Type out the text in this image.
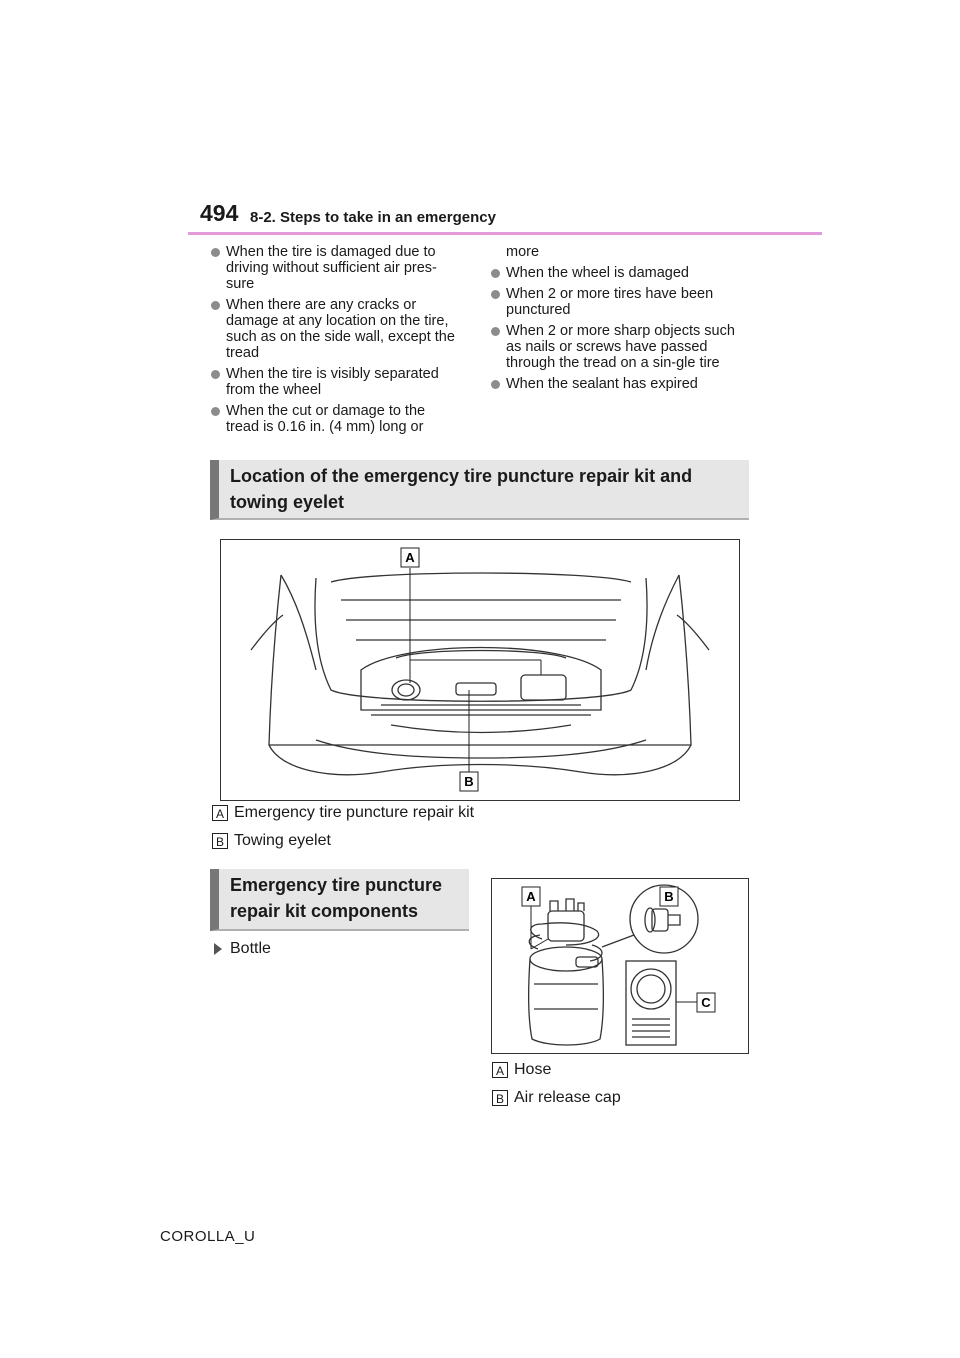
494 8-2. Steps to take in an emergency
When the tire is damaged due to driving without sufficient air pres-sure
When there are any cracks or damage at any location on the tire, such as on the side wall, except the tread
When the tire is visibly separated from the wheel
When the cut or damage to the tread is 0.16 in. (4 mm) long or
more
When the wheel is damaged
When 2 or more tires have been punctured
When 2 or more sharp objects such as nails or screws have passed through the tread on a sin-gle tire
When the sealant has expired
Location of the emergency tire puncture repair kit and towing eyelet
A
B
A Emergency tire puncture repair kit
B Towing eyelet
Emergency tire puncture repair kit components
Bottle
A	B
C
A Hose
B Air release cap
COROLLA_U
